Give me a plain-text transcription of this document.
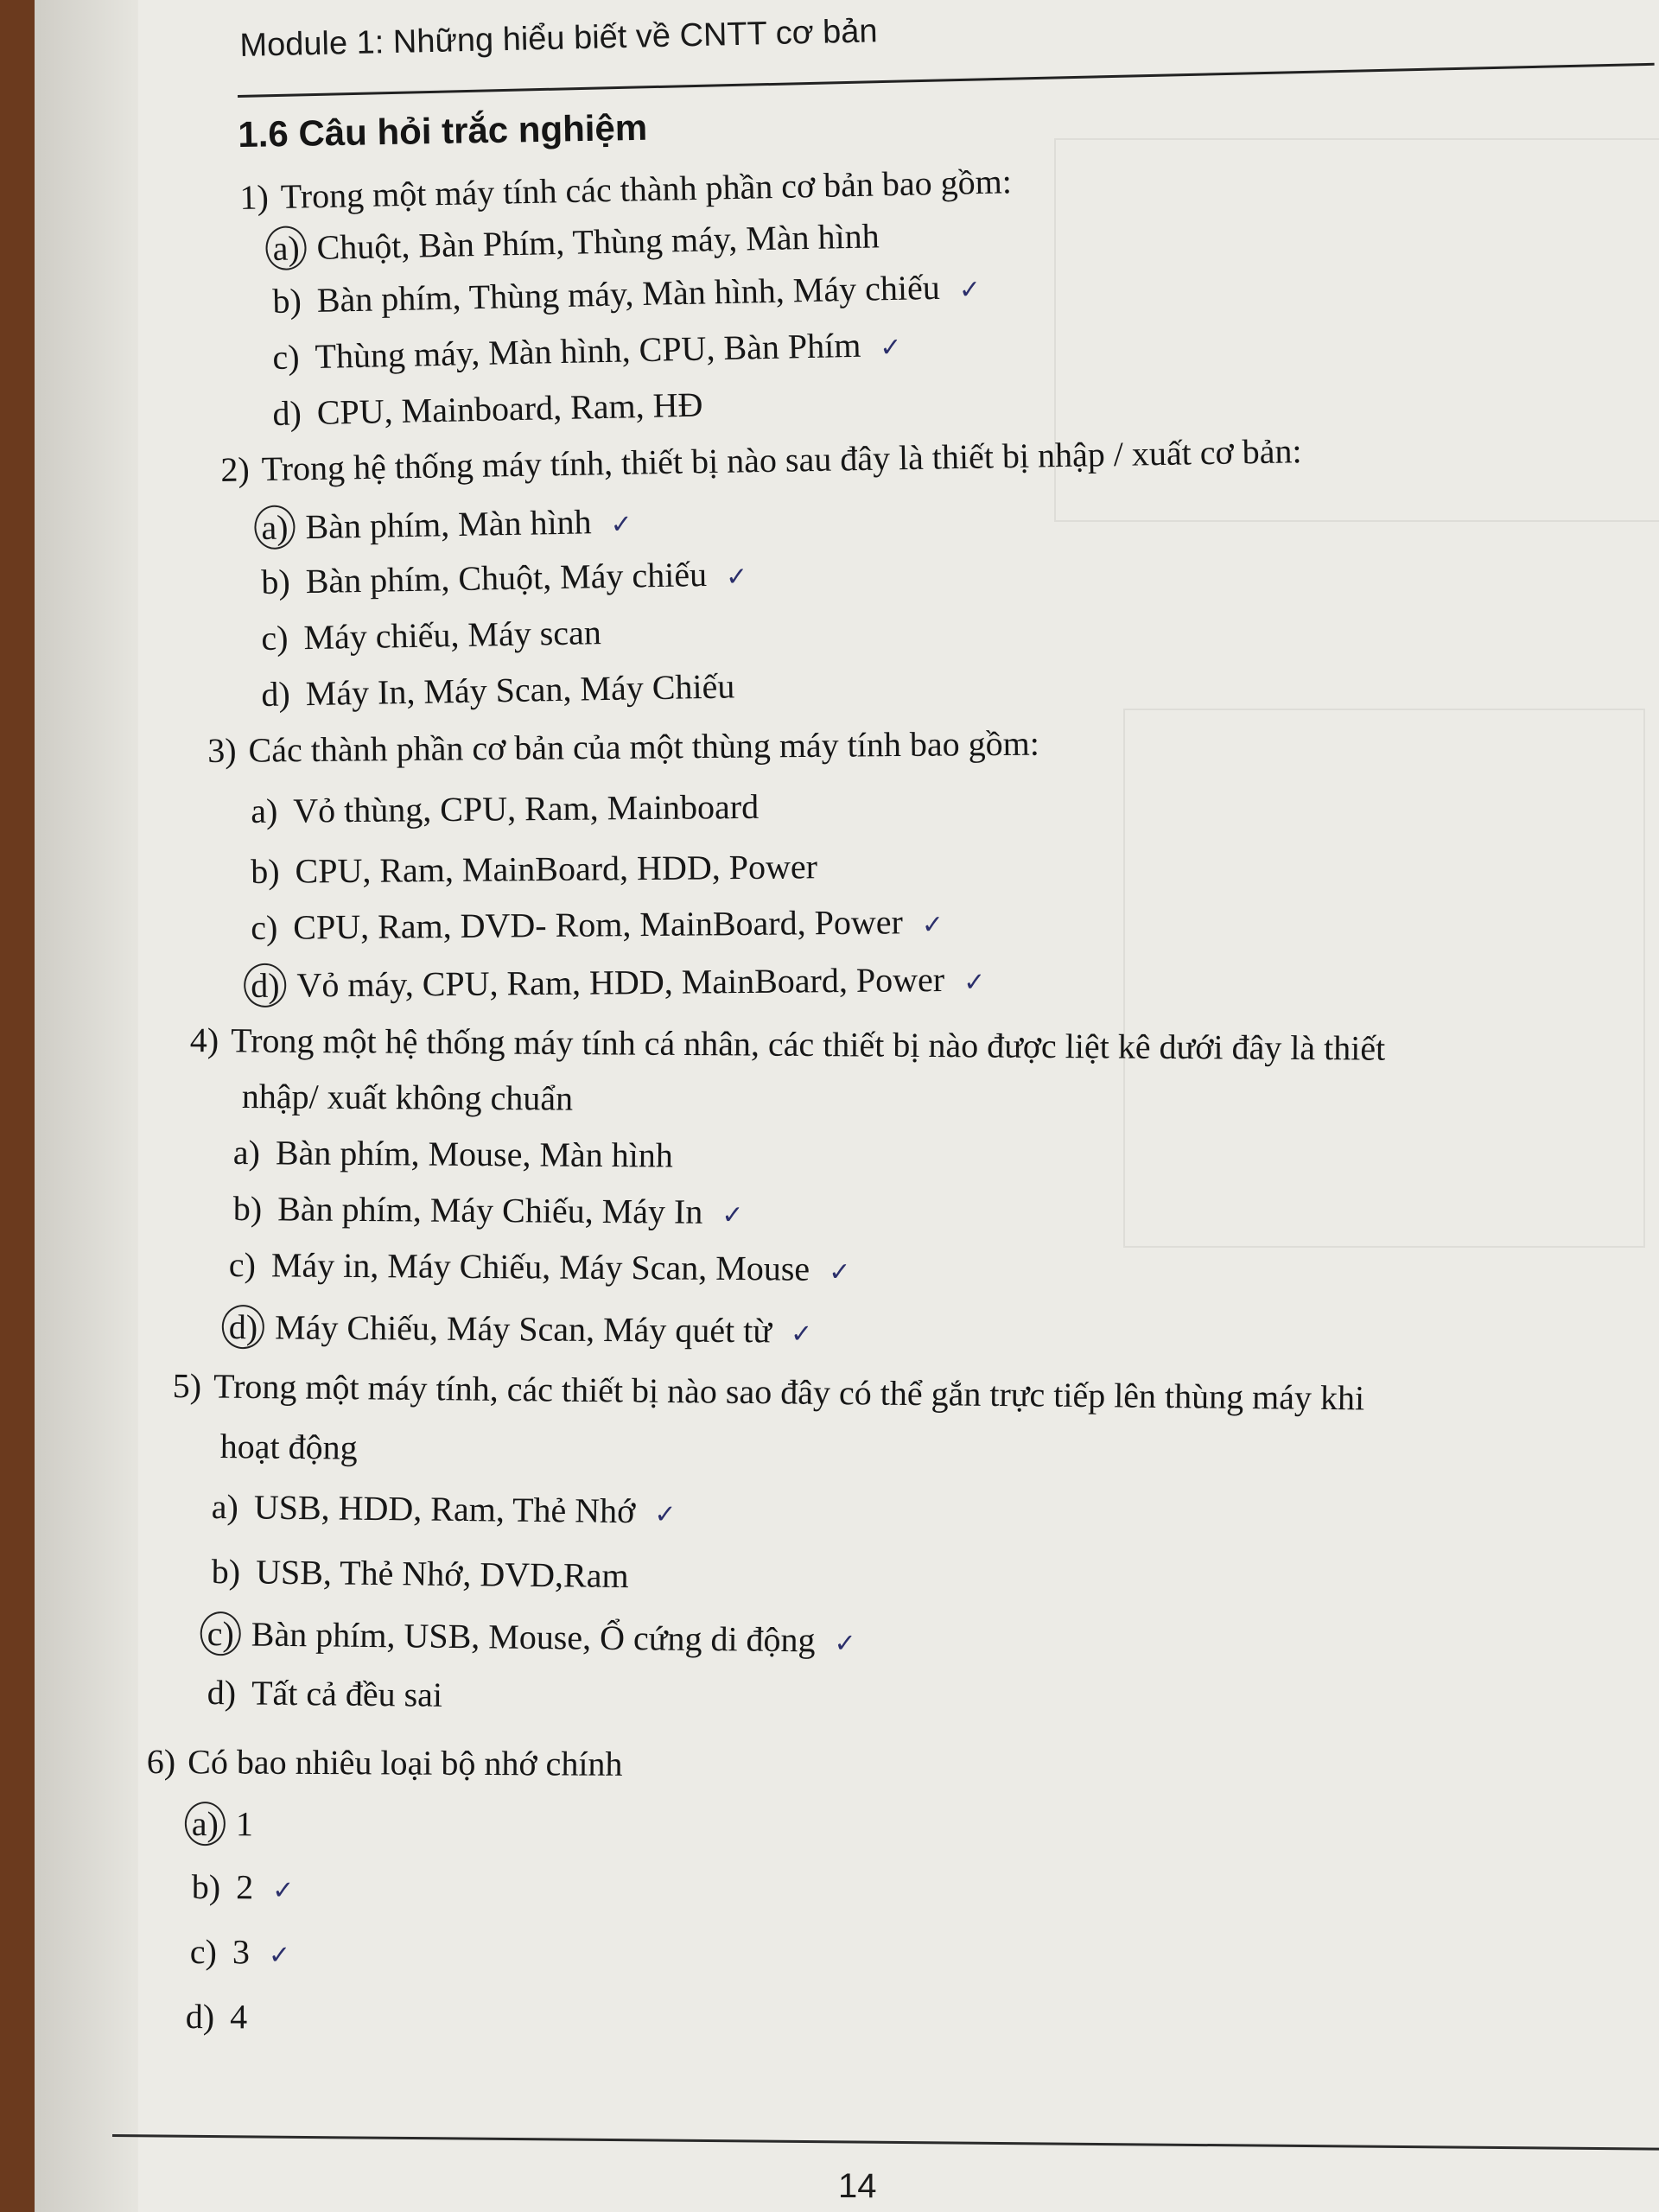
Module 1: Những hiểu biết về CNTT cơ bản
1.6 Câu hỏi trắc nghiệm
1) Trong một máy tính các thành phần cơ bản bao gồm:
a) Chuột, Bàn Phím, Thùng máy, Màn hình
b) Bàn phím, Thùng máy, Màn hình, Máy chiếu ✓
c) Thùng máy, Màn hình, CPU, Bàn Phím ✓
d) CPU, Mainboard, Ram, HĐ
2) Trong hệ thống máy tính, thiết bị nào sau đây là thiết bị nhập / xuất cơ bản:
a) Bàn phím, Màn hình ✓
b) Bàn phím, Chuột, Máy chiếu ✓
c) Máy chiếu, Máy scan
d) Máy In, Máy Scan, Máy Chiếu
3) Các thành phần cơ bản của một thùng máy tính bao gồm:
a) Vỏ thùng, CPU, Ram, Mainboard
b) CPU, Ram, MainBoard, HDD, Power
c) CPU, Ram, DVD- Rom, MainBoard, Power ✓
d) Vỏ máy, CPU, Ram, HDD, MainBoard, Power ✓
4) Trong một hệ thống máy tính cá nhân, các thiết bị nào được liệt kê dưới đây là thiết
nhập/ xuất không chuẩn
a) Bàn phím, Mouse, Màn hình
b) Bàn phím, Máy Chiếu, Máy In ✓
c) Máy in, Máy Chiếu, Máy Scan, Mouse ✓
d) Máy Chiếu, Máy Scan, Máy quét từ ✓
5) Trong một máy tính, các thiết bị nào sao đây có thể gắn trực tiếp lên thùng máy khi
hoạt động
a) USB, HDD, Ram, Thẻ Nhớ ✓
b) USB, Thẻ Nhớ, DVD,Ram
c) Bàn phím, USB, Mouse, Ổ cứng di động ✓
d) Tất cả đều sai
6) Có bao nhiêu loại bộ nhớ chính
a) 1
b) 2 ✓
c) 3 ✓
d) 4
14
